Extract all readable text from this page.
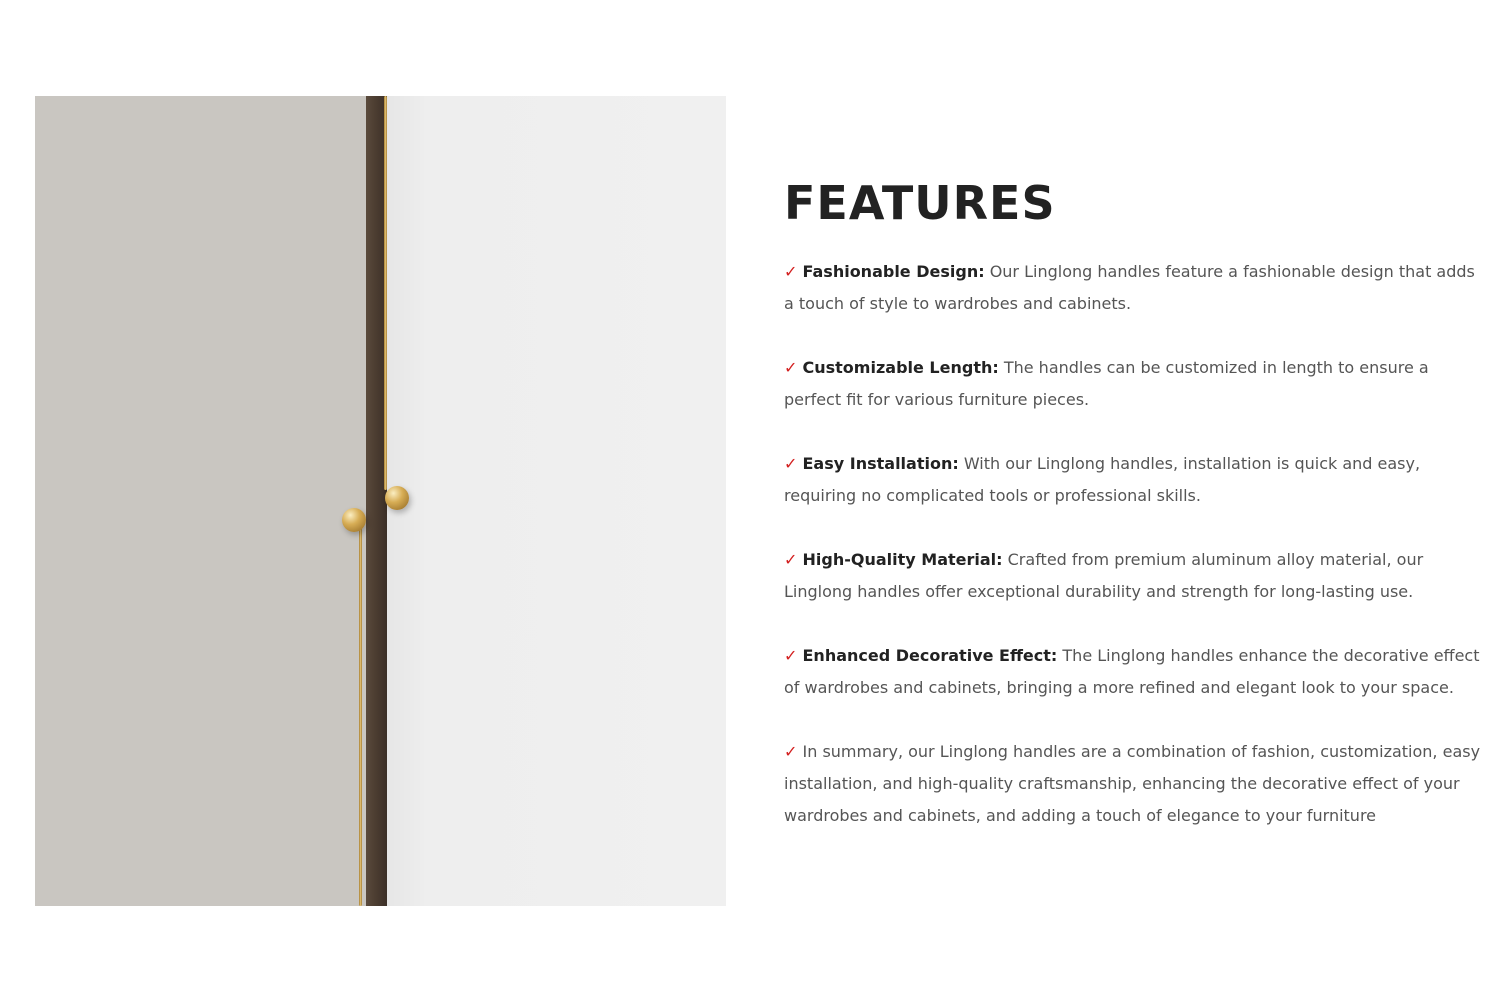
FEATURES

✓ Fashionable Design: Our Linglong handles feature a fashionable design that adds a touch of style to wardrobes and cabinets.

✓ Customizable Length: The handles can be customized in length to ensure a perfect fit for various furniture pieces.

✓ Easy Installation: With our Linglong handles, installation is quick and easy, requiring no complicated tools or professional skills.

✓ High-Quality Material: Crafted from premium aluminum alloy material, our Linglong handles offer exceptional durability and strength for long-lasting use.

✓ Enhanced Decorative Effect: The Linglong handles enhance the decorative effect of wardrobes and cabinets, bringing a more refined and elegant look to your space.

✓ In summary, our Linglong handles are a combination of fashion, customization, easy installation, and high-quality craftsmanship, enhancing the decorative effect of your wardrobes and cabinets, and adding a touch of elegance to your furniture
